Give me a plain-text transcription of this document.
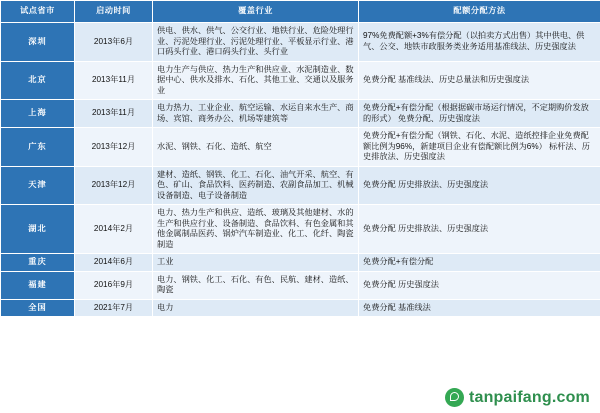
试点省市	启动时间	覆盖行业	配额分配方法
深圳	2013年6月	供电、供水、供气、公交行业、地铁行业、危险处理行业、污泥处理行业、污泥处理行业、平板显示行业、港口码头行业、港口码头行业、头行业	97%免费配额+3%有偿分配（以拍卖方式出售）其中供电、供气、公交、地铁市政服务类业务适用基准线法、历史强度法
北京	2013年11月	电力生产与供应、热力生产和供应业、水泥制造业、数据中心、供水及排水、石化、其他工业、交通以及服务业	免费分配 基准线法、历史总量法和历史强度法
上海	2013年11月	电力热力、工业企业、航空运输、水运自来水生产、商场、宾馆、商务办公、机场等建筑等	免费分配+有偿分配（根据据碳市场运行情况，不定期购价发放的形式） 免费分配、历史强度法
广东	2013年12月	水泥、钢铁、石化、造纸、航空	免费分配+有偿分配（钢铁、石化、水泥、造纸控排企业免费配额比例为96%，新建项目企业有偿配额比例为6%） 标杆法、历史排放法、历史强度法
天津	2013年12月	建材、造纸、钢铁、化工、石化、油气开采、航空、有色、矿山、食品饮料、医药制造、农副食品加工、机械设备制造、电子设备制造	免费分配 历史排放法、历史强度法
湖北	2014年2月	电力、热力生产和供应、造纸、玻璃及其他建材、水的生产和供应行业、设备制造、食品饮料、有色金属和其他金属制品医药、锅炉汽车制造业、化工、化纤、陶瓷制造	免费分配 历史排放法、历史强度法
重庆	2014年6月	工业	免费分配+有偿分配
福建	2016年9月	电力、钢铁、化工、石化、有色、民航、建材、造纸、陶瓷	免费分配 历史强度法
全国	2021年7月	电力	免费分配 基准线法
tanpaifang.com
